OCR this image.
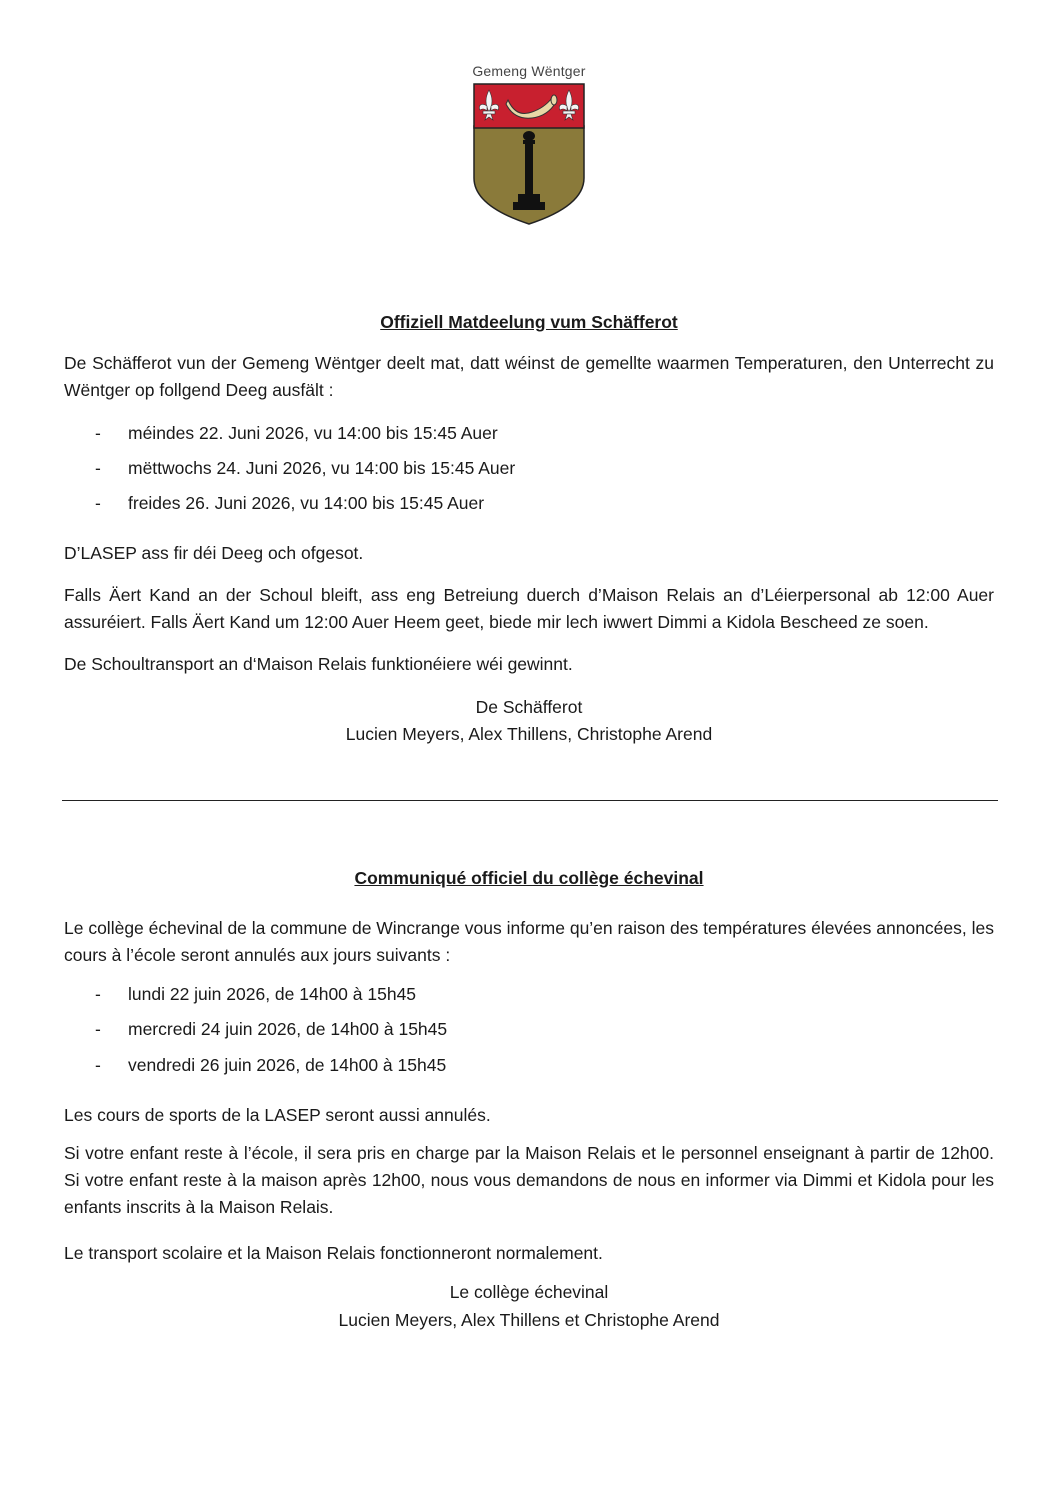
Gemeng Wëntger
Offiziell Matdeelung vum Schäfferot

De Schäfferot vun der Gemeng Wëntger deelt mat, datt wéinst de gemellte waarmen Temperaturen, den Unterrecht zu Wëntger op follgend Deeg ausfält :

- méindes 22. Juni 2026, vu 14:00 bis 15:45 Auer
- mëttwochs 24. Juni 2026, vu 14:00 bis 15:45 Auer
- freides 26. Juni 2026, vu 14:00 bis 15:45 Auer

D’LASEP ass fir déi Deeg och ofgesot.

Falls Äert Kand an der Schoul bleift, ass eng Betreiung duerch d’Maison Relais an d’Léierpersonal ab 12:00 Auer assuréiert. Falls Äert Kand um 12:00 Auer Heem geet, biede mir lech iwwert Dimmi a Kidola Bescheed ze soen.

De Schoultransport an d‘Maison Relais funktionéiere wéi gewinnt.

De Schäfferot
Lucien Meyers, Alex Thillens, Christophe Arend
Communiqué officiel du collège échevinal

Le collège échevinal de la commune de Wincrange vous informe qu’en raison des températures élevées annoncées, les cours à l’école seront annulés aux jours suivants :

- lundi 22 juin 2026, de 14h00 à 15h45
- mercredi 24 juin 2026, de 14h00 à 15h45
- vendredi 26 juin 2026, de 14h00 à 15h45

Les cours de sports de la LASEP seront aussi annulés.

Si votre enfant reste à l’école, il sera pris en charge par la Maison Relais et le personnel enseignant à partir de 12h00. Si votre enfant reste à la maison après 12h00, nous vous demandons de nous en informer via Dimmi et Kidola pour les enfants inscrits à la Maison Relais.

Le transport scolaire et la Maison Relais fonctionneront normalement.

Le collège échevinal
Lucien Meyers, Alex Thillens et Christophe Arend
